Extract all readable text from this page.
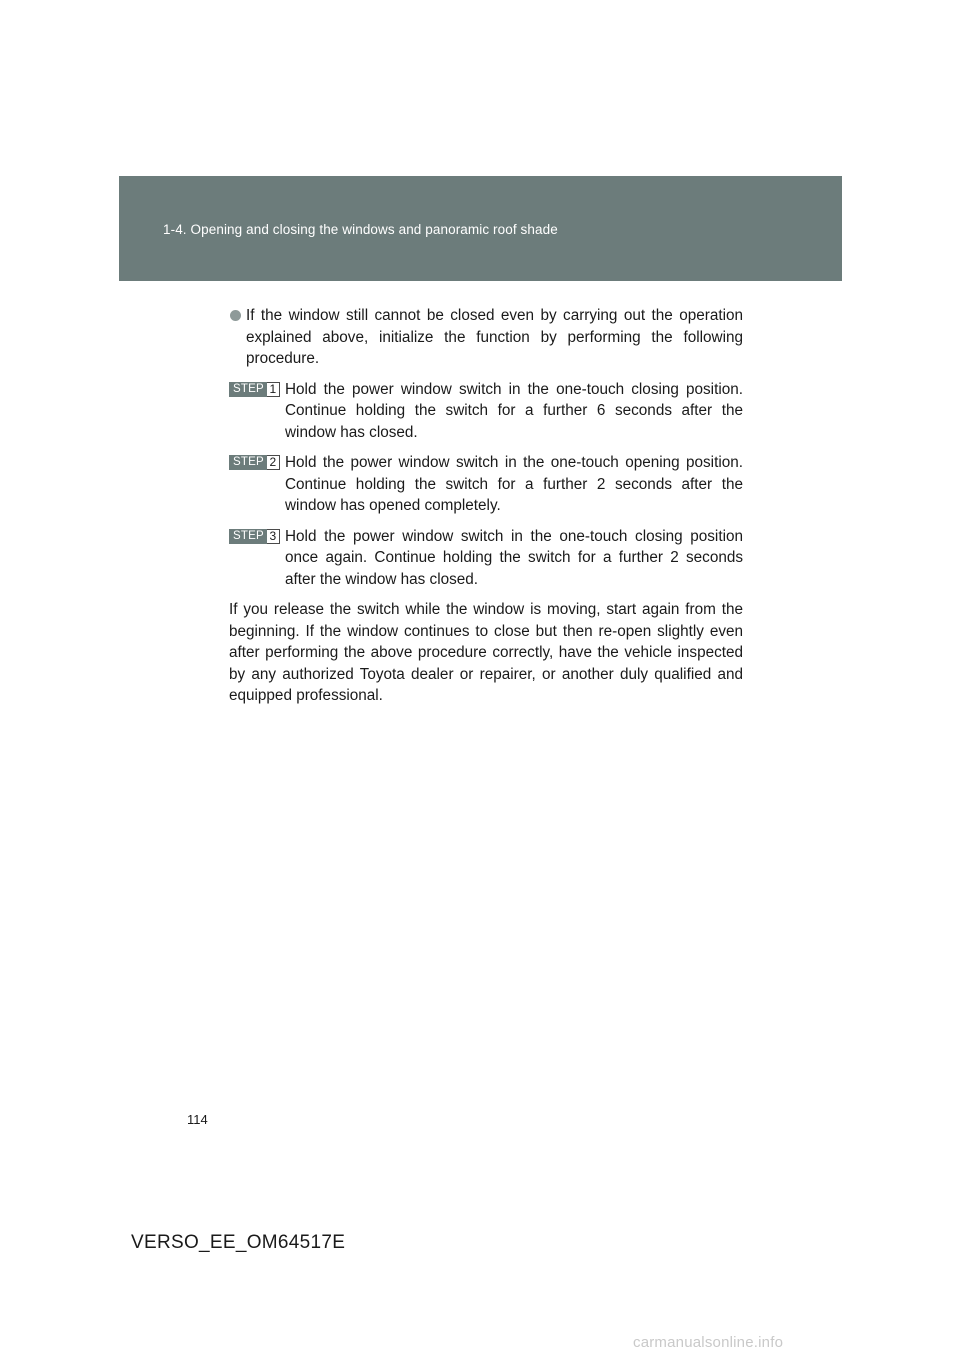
1-4. Opening and closing the windows and panoramic roof shade
If the window still cannot be closed even by carrying out the operation explained above, initialize the function by performing the following procedure.
STEP 1 Hold the power window switch in the one-touch closing position. Continue holding the switch for a further 6 seconds after the window has closed.
STEP 2 Hold the power window switch in the one-touch opening position. Continue holding the switch for a further 2 seconds after the window has opened completely.
STEP 3 Hold the power window switch in the one-touch closing position once again. Continue holding the switch for a further 2 seconds after the window has closed.
If you release the switch while the window is moving, start again from the beginning. If the window continues to close but then re-open slightly even after performing the above procedure correctly, have the vehicle inspected by any authorized Toyota dealer or repairer, or another duly qualified and equipped professional.
114
VERSO_EE_OM64517E
carmanualsonline.info
